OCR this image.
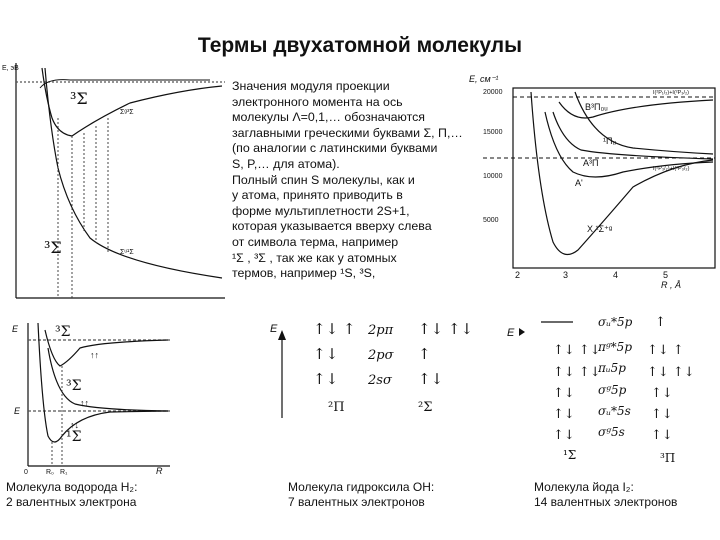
Термы двухатомной молекулы
Значения модуля проекции
электронного момента на ось
молекулы Λ=0,1,… обозначаются
заглавными греческими буквами Σ, Π,…
(по аналогии с латинскими буквами
S, P,… для атома).
Полный спин S молекулы, как и
у атома, принято приводить в
форме мультиплетности 2S+1,
которая указывается вверху слева
от символа терма, например
¹Σ , ³Σ , так же как у атомных
термов, например ¹S, ³S,
E, эВ
Σᵍ³Σ
Σᵘ¹Σ
³Σ
³Σ
E, см⁻¹
20000
15000
10000
5000
2	3	4	5
R , Å
B³Π₀ᵤ
¹Πᵤ
A³Π
A'
X ¹Σ⁺ᵍ
I(²P₁/₂)+I(²P₃/₂)
I(²P₃/₂)+I(²P₃/₂)
E
E
R
0	R₀ R₁
³Σ
³Σ
¹Σ
↑↑
↑↑
↑↓
E ↑↓ ↑
↑↓
↑↓
↑↓ ↑↓
↑
↑↓
2pπ
2pσ
2sσ
²Π	²Σ
E
↑↓ ↑↓
↑↓ ↑↓
↑↓
↑↓
↑↓
↑
↑↓ ↑
↑↓ ↑↓
↑↓
↑↓
↑↓
σᵤ*5p
πᵍ*5p
πᵤ5p
σᵍ5p
σᵤ*5s
σᵍ5s
¹Σ	³Π
Молекула водорода H₂:
2 валентных электрона
Молекула гидроксила OH:
7 валентных электронов
Молекула йода I₂:
14 валентных электронов
